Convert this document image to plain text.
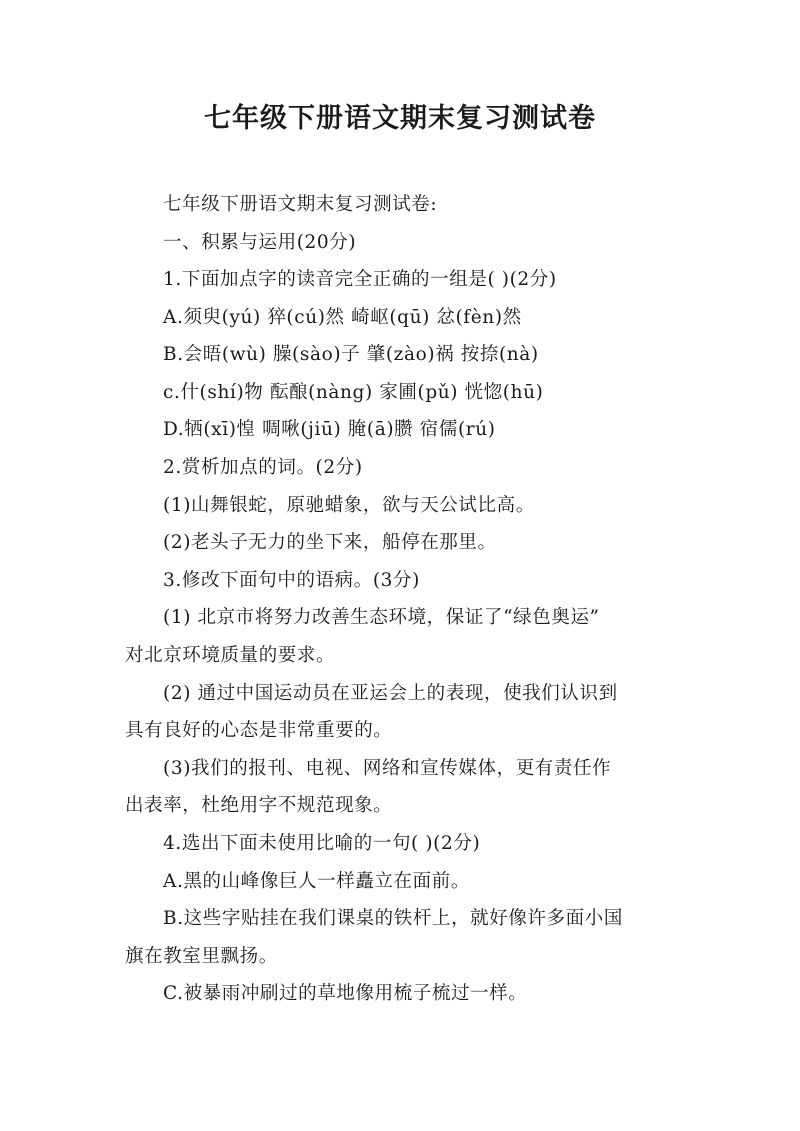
七年级下册语文期末复习测试卷

七年级下册语文期末复习测试卷:

一、积累与运用(20分)

1.下面加点字的读音完全正确的一组是( )(2分)

A.须臾(yú) 猝(cú)然 崎岖(qū) 忿(fèn)然

B.会晤(wù) 臊(sào)子 肇(zào)祸 按捺(nà)

c.什(shí)物 酝酿(nàng) 家圃(pǔ) 恍惚(hū)

D.牺(xī)惶 啁啾(jiū) 腌(ā)臜 宿儒(rú)

2.赏析加点的词。(2分)

(1)山舞银蛇，原驰蜡象，欲与天公试比高。

(2)老头子无力的坐下来，船停在那里。

3.修改下面句中的语病。(3分)

(1) 北京市将努力改善生态环境，保证了“绿色奥运”

对北京环境质量的要求。

(2) 通过中国运动员在亚运会上的表现，使我们认识到

具有良好的心态是非常重要的。

(3)我们的报刊、电视、网络和宣传媒体，更有责任作

出表率，杜绝用字不规范现象。

4.选出下面未使用比喻的一句( )(2分)

A.黑的山峰像巨人一样矗立在面前。

B.这些字贴挂在我们课桌的铁杆上，就好像许多面小国

旗在教室里飘扬。

C.被暴雨冲刷过的草地像用梳子梳过一样。
